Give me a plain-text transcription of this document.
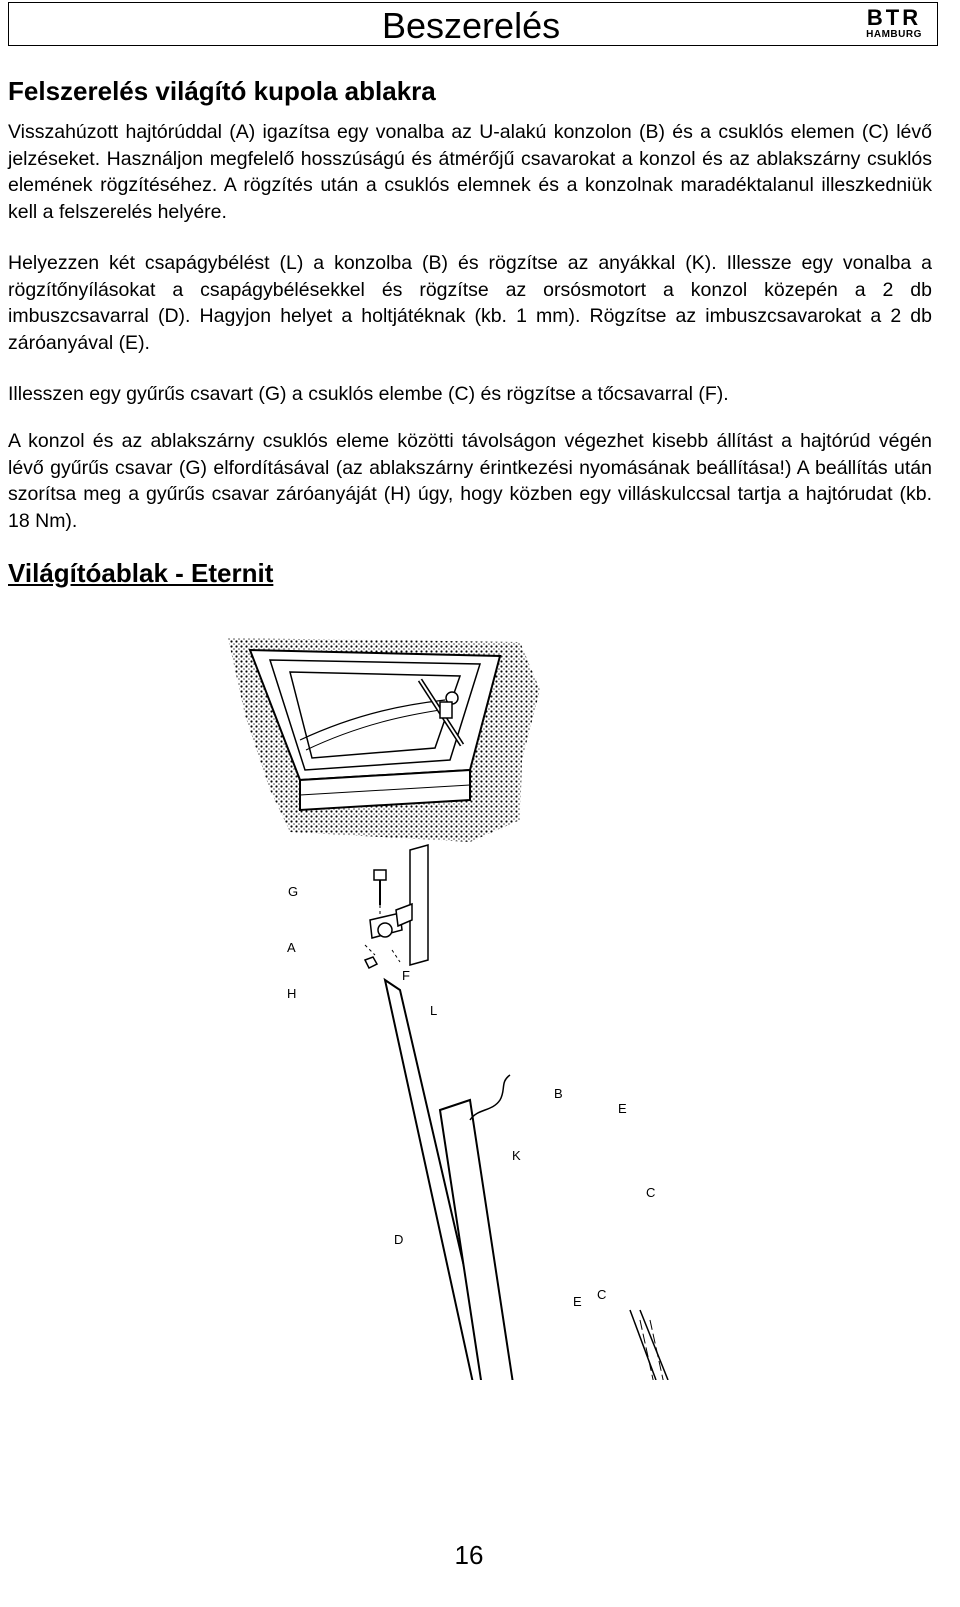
Beszerelés	BTR
HAMBURG
Felszerelés világító kupola ablakra

Visszahúzott hajtórúddal (A) igazítsa egy vonalba az U-alakú konzolon (B) és a csuklós elemen (C) lévő jelzéseket. Használjon megfelelő hosszúságú és átmérőjű csavarokat a konzol és az ablakszárny csuklós elemének rögzítéséhez. A rögzítés után a csuklós elemnek és a konzolnak maradéktalanul illeszkedniük kell a felszerelés helyére.

Helyezzen két csapágybélést (L) a konzolba (B) és rögzítse az anyákkal (K). Illessze egy vonalba a rögzítőnyílásokat a csapágybélésekkel és rögzítse az orsósmotort a konzol közepén a 2 db imbuszcsavarral (D). Hagyjon helyet a holtjátéknak (kb. 1 mm). Rögzítse az imbuszcsavarokat a 2 db záróanyával (E).

Illesszen egy gyűrűs csavart (G) a csuklós elembe (C) és rögzítse a tőcsavarral (F).

A konzol és az ablakszárny csuklós eleme közötti távolságon végezhet kisebb állítást a hajtórúd végén lévő gyűrűs csavar (G) elfordításával (az ablakszárny érintkezési nyomásának beállítása!) A beállítás után szorítsa meg a gyűrűs csavar záróanyáját (H) úgy, hogy közben egy villáskulccsal tartja a hajtórudat (kb. 18 Nm).

Világítóablak - Eternit
G
A
H
F
L
B
E
K
C
D
E C
16
